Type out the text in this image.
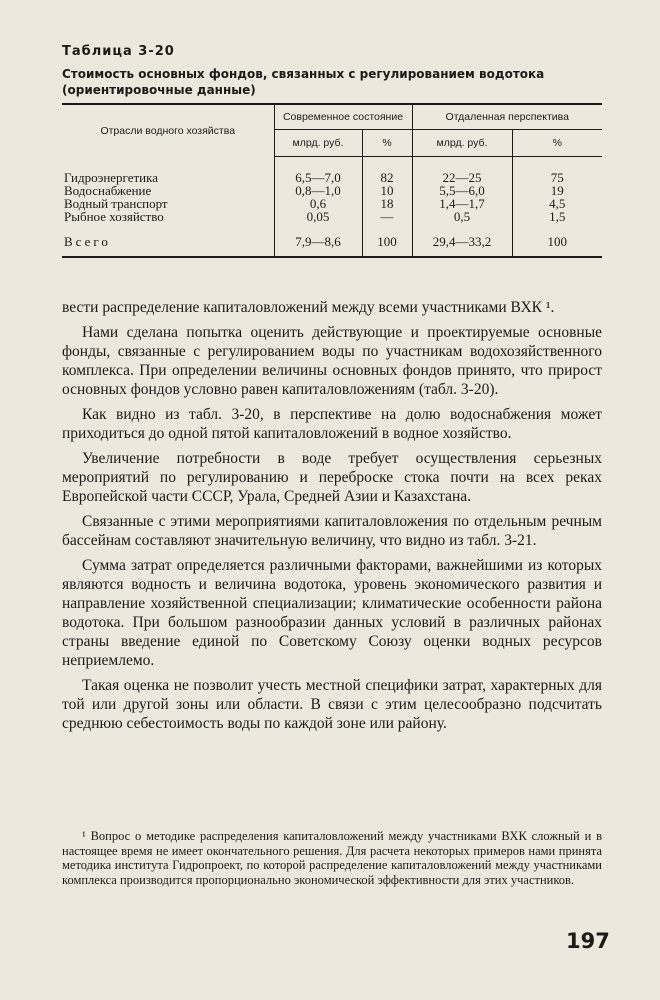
Таблица 3-20
Стоимость основных фондов, связанных с регулированием водотока
(ориентировочные данные)
Отрасли водного хозяйства	Современное состояние		Отдаленная перспектива	
	млрд. руб.	%	млрд. руб.	%
Гидроэнергетика	6,5—7,0	82	22—25	75
Водоснабжение	0,8—1,0	10	5,5—6,0	19
Водный транспорт	0,6	18	1,4—1,7	4,5
Рыбное хозяйство	0,05	—	0,5	1,5
Всего	7,9—8,6	100	29,4—33,2	100

вести распределение капиталовложений между всеми участниками ВХК ¹.

Нами сделана попытка оценить действующие и проектируемые основные фонды, связанные с регулированием воды по участникам водохозяйственного комплекса. При определении величины основных фондов принято, что прирост основных фондов условно равен капиталовложениям (табл. 3-20).

Как видно из табл. 3-20, в перспективе на долю водоснабжения может приходиться до одной пятой капиталовложений в водное хозяйство.

Увеличение потребности в воде требует осуществления серьезных мероприятий по регулированию и переброске стока почти на всех реках Европейской части СССР, Урала, Средней Азии и Казахстана.

Связанные с этими мероприятиями капиталовложения по отдельным речным бассейнам составляют значительную величину, что видно из табл. 3-21.

Сумма затрат определяется различными факторами, важнейшими из которых являются водность и величина водотока, уровень экономического развития и направление хозяйственной специализации; климатические особенности района водотока. При большом разнообразии данных условий в различных районах страны введение единой по Советскому Союзу оценки водных ресурсов неприемлемо.

Такая оценка не позволит учесть местной специфики затрат, характерных для той или другой зоны или области. В связи с этим целесообразно подсчитать среднюю себестоимость воды по каждой зоне или району.

¹ Вопрос о методике распределения капиталовложений между участниками ВХК сложный и в настоящее время не имеет окончательного решения. Для расчета некоторых примеров нами принята методика института Гидропроект, по которой распределение капиталовложений между участниками комплекса производится пропорционально экономической эффективности для этих участников.

197
